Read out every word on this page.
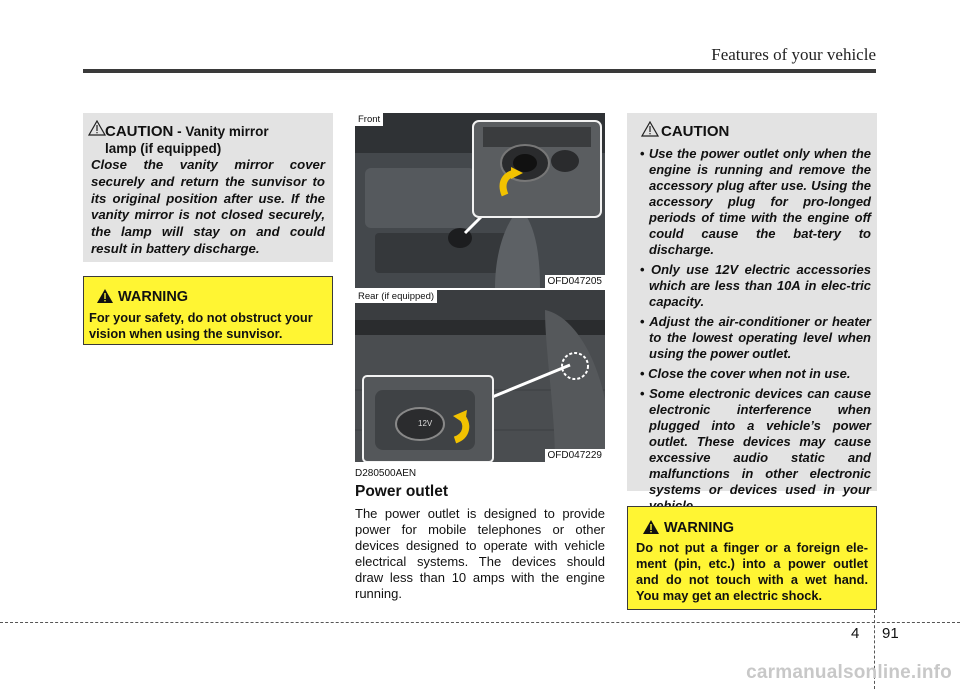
Features of your vehicle
CAUTION - Vanity mirror
lamp (if equipped)
Close the vanity mirror cover securely and return the sunvisor to its original position after use. If the vanity mirror is not closed securely, the lamp will stay on and could result in battery discharge.
WARNING
For your safety, do not obstruct your vision when using the sunvisor.
Front
OFD047205
12V
Rear (if equipped)
OFD047229
D280500AEN
Power outlet
The power outlet is designed to provide power for mobile telephones or other devices designed to operate with vehicle electrical systems. The devices should draw less than 10 amps with the engine running.
CAUTION
• Use the power outlet only when the engine is running and remove the accessory plug after use. Using the accessory plug for pro-longed periods of time with the engine off could cause the bat-tery to discharge.
• Only use 12V electric accessories which are less than 10A in elec-tric capacity.
• Adjust the air-conditioner or heater to the lowest operating level when using the power outlet.
• Close the cover when not in use.
• Some electronic devices can cause electronic interference when plugged into a vehicle’s power outlet. These devices may cause excessive audio static and malfunctions in other electronic systems or devices used in your
WARNING
Do not put a finger or a foreign ele-ment (pin, etc.) into a power outlet and do not touch with a wet hand. You may get an electric shock.
4 91
carmanualsonline.info
